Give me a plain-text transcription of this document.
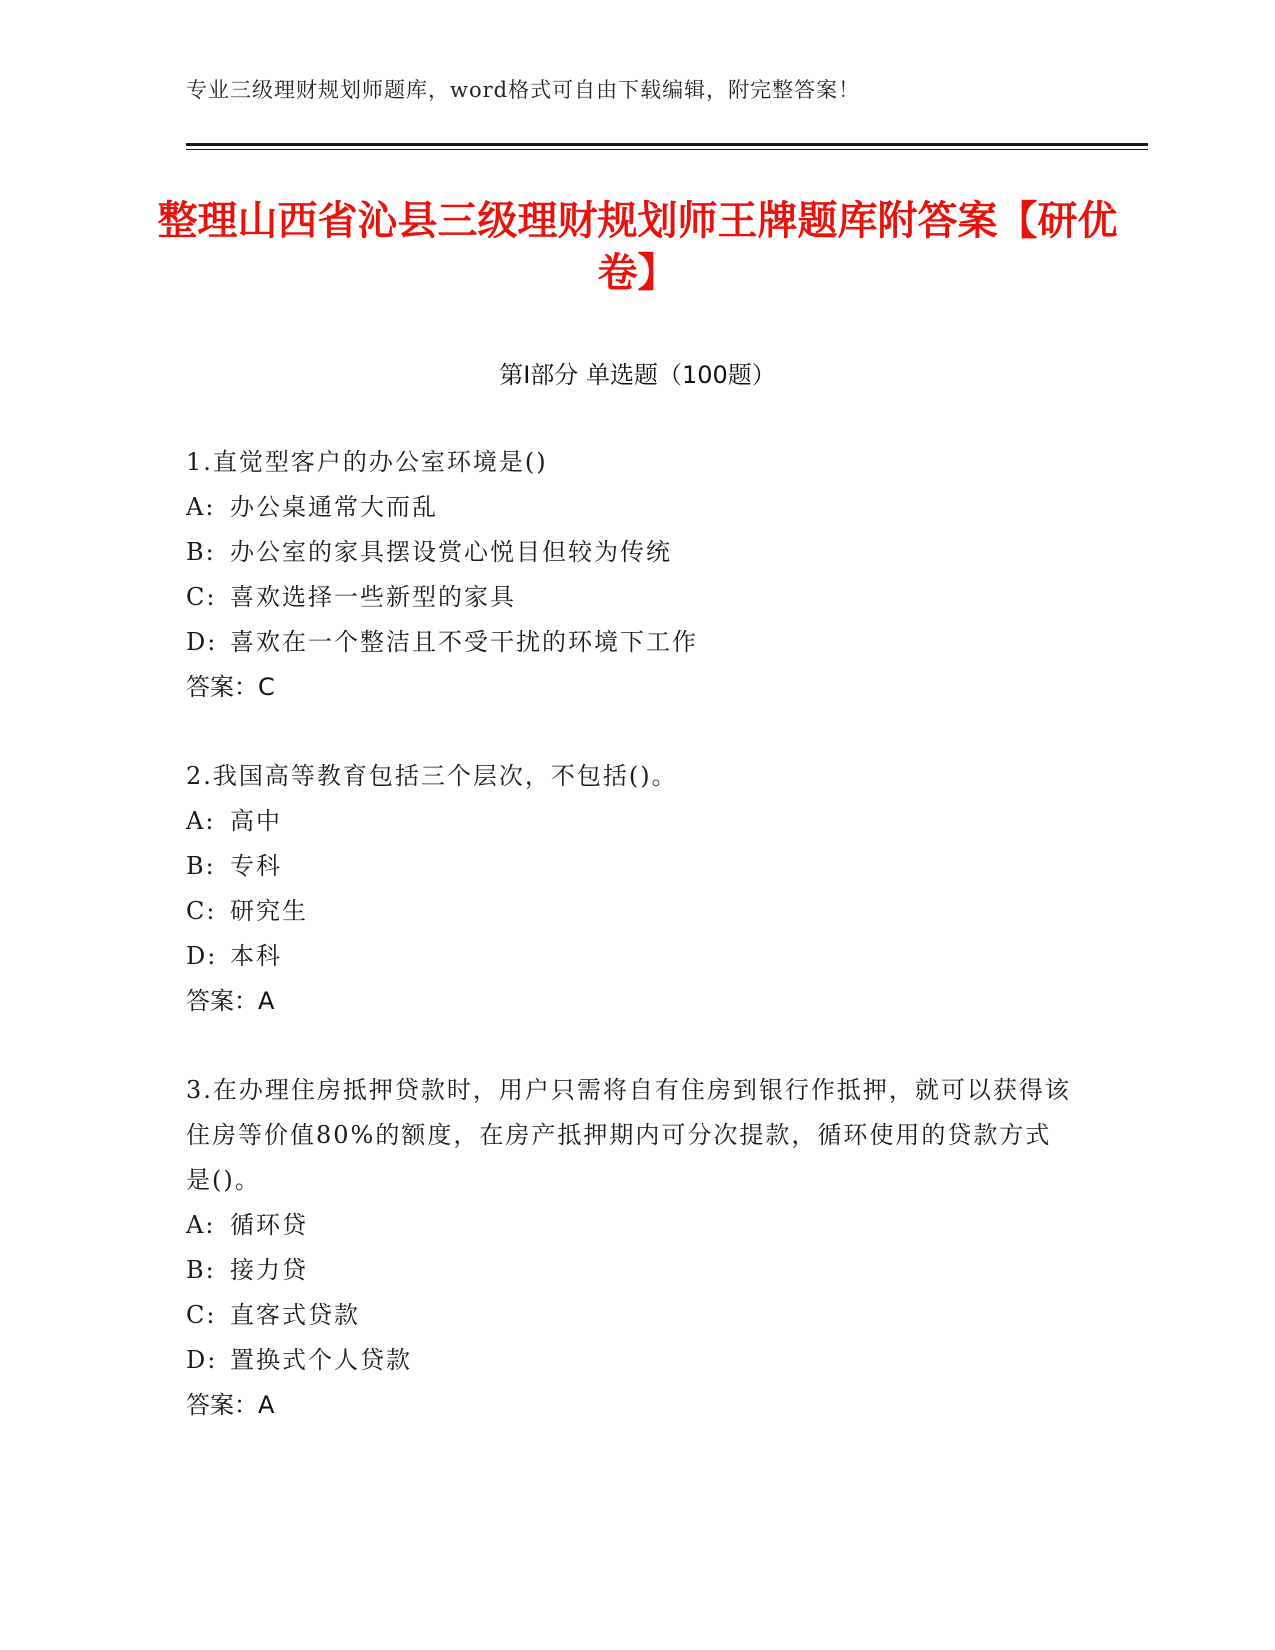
专业三级理财规划师题库，word格式可自由下载编辑，附完整答案！
整理山西省沁县三级理财规划师王牌题库附答案【研优卷】
第Ⅰ部分 单选题（100题）
1.直觉型客户的办公室环境是()
A: 办公桌通常大而乱
B: 办公室的家具摆设赏心悦目但较为传统
C: 喜欢选择一些新型的家具
D: 喜欢在一个整洁且不受干扰的环境下工作
答案：C
2.我国高等教育包括三个层次，不包括()。
A: 高中
B: 专科
C: 研究生
D: 本科
答案：A
3.在办理住房抵押贷款时，用户只需将自有住房到银行作抵押，就可以获得该住房等价值80%的额度，在房产抵押期内可分次提款，循环使用的贷款方式是()。
A: 循环贷
B: 接力贷
C: 直客式贷款
D: 置换式个人贷款
答案：A
